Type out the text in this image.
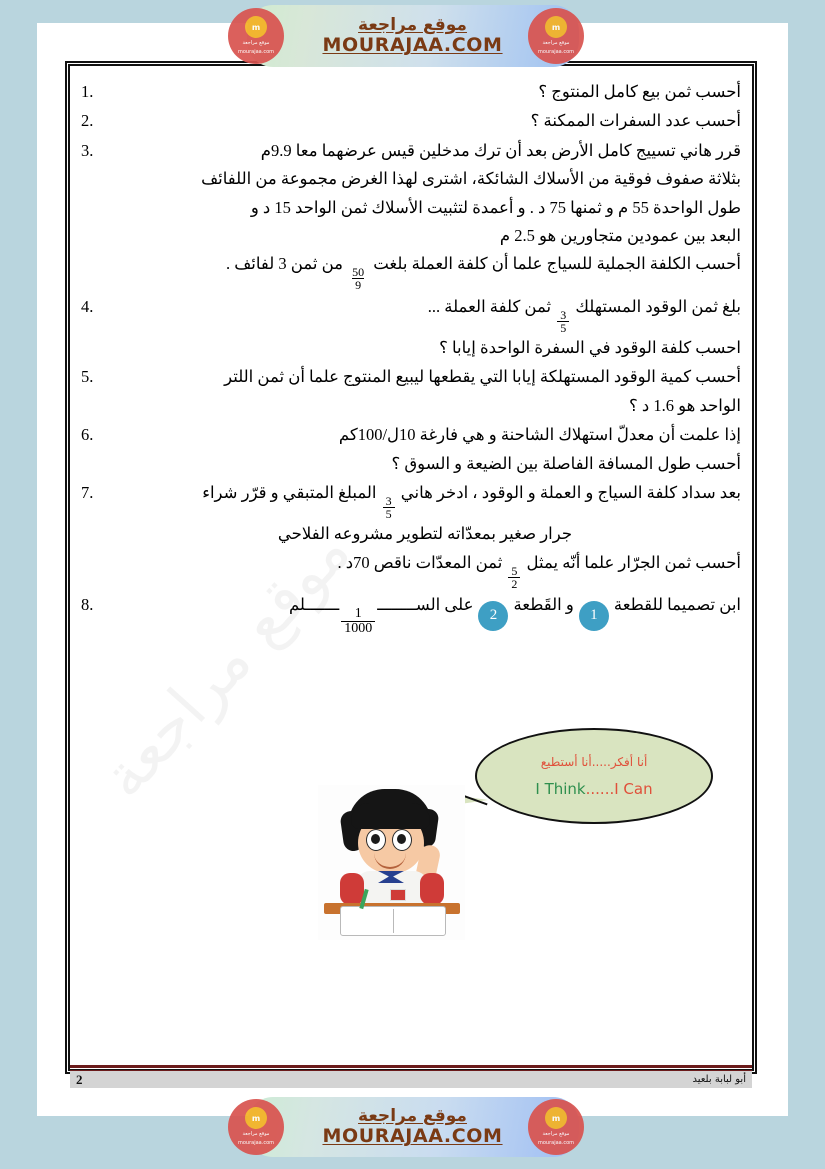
m
موقع مراجعة
mourajaa.com
موقع مراجعة
MOURAJAA.COM
m
موقع مراجعة
mourajaa.com
أحسب ثمن بيع كامل المنتوج ؟
1.
أحسب عدد السفرات الممكنة ؟
2.
قرر هاني تسييج كامل الأرض بعد أن ترك مدخلين قيس عرضهما معا 9.9م
بثلاثة صفوف فوقية من الأسلاك الشائكة، اشترى لهذا الغرض مجموعة من اللفائف
طول الواحدة 55 م و ثمنها 75 د . و أعمدة لتثبيت الأسلاك ثمن الواحد 15 د و
البعد بين عمودين متجاورين هو 2.5 م
أحسب الكلفة الجملية للسياج علما أن كلفة العملة بلغت
$\frac{50}{9}$
من ثمن 3 لفائف .
3.
بلغ ثمن الوقود المستهلك
$\frac{3}{5}$
ثمن كلفة العملة ...
احسب كلفة الوقود في السفرة الواحدة إيابا ؟
4.
أحسب كمية الوقود المستهلكة إيابا التي يقطعها ليبيع المنتوج علما أن ثمن اللتر
الواحد هو 1.6 د ؟
5.
إذا علمت أن معدلّ استهلاك الشاحنة و هي فارغة 10ل/100كم
أحسب طول المسافة الفاصلة بين الضيعة و السوق ؟
6.
بعد سداد كلفة السياج و العملة و الوقود ، ادخر هاني
$\frac{3}{5}$
المبلغ المتبقي و قرّر شراء
جرار صغير بمعدّاته لتطوير مشروعه الفلاحي
أحسب ثمن الجرّار علما أنّه يمثل
$\frac{5}{2}$
ثمن المعدّات ناقص 70د .
7.
ابن تصميما للقطعة1و القَطعة2على الســــــــ
$\frac{1}{1000}$
ـــــــلم
8.
أنا أفكر.....أنا أستطيع
I Think......I Can
أبو لبابة بلعيد
2
m
موقع مراجعة
mourajaa.com
موقع مراجعة
MOURAJAA.COM
m
موقع مراجعة
mourajaa.com
